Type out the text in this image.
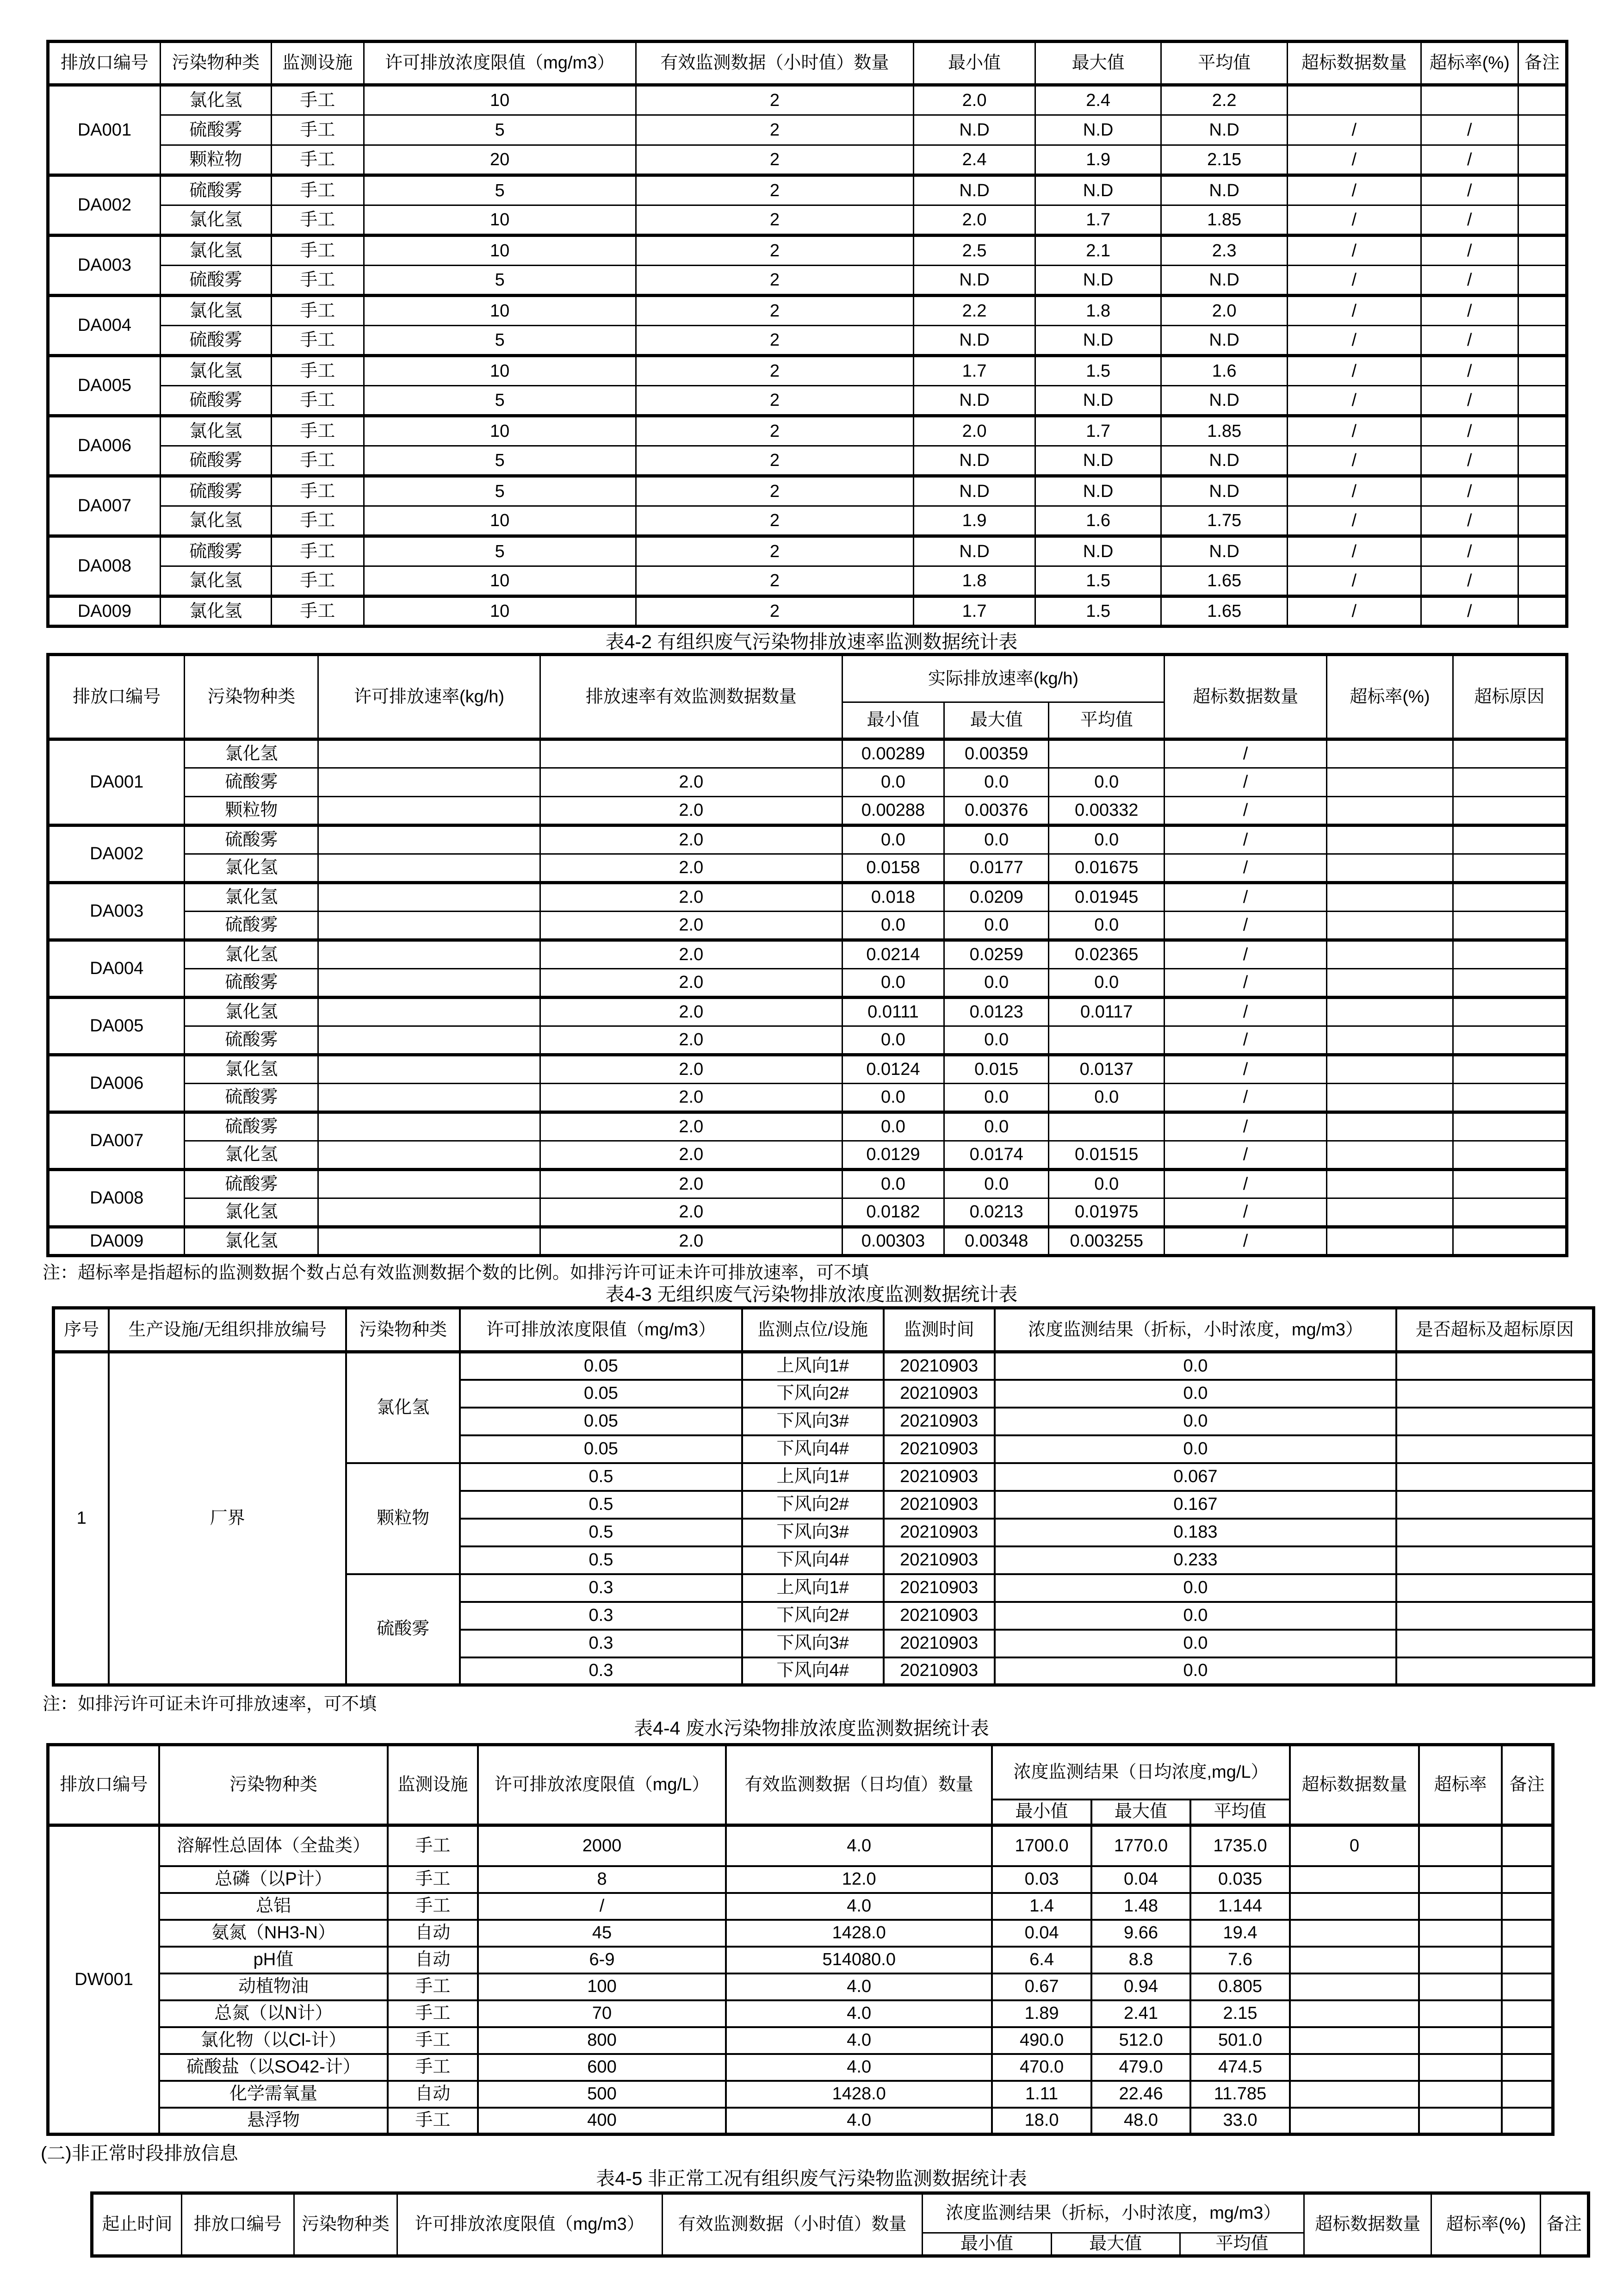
排放口编号	污染物种类	监测设施	许可排放浓度限值（mg/m3）	有效监测数据（小时值）数量	最小值	最大值	平均值	超标数据数量	超标率(%)	备注
DA001	氯化氢	手工	10	2	2.0	2.4	2.2			
	硫酸雾	手工	5	2	N.D	N.D	N.D	/	/	
	颗粒物	手工	20	2	2.4	1.9	2.15	/	/	
DA002	硫酸雾	手工	5	2	N.D	N.D	N.D	/	/	
	氯化氢	手工	10	2	2.0	1.7	1.85	/	/	
DA003	氯化氢	手工	10	2	2.5	2.1	2.3	/	/	
	硫酸雾	手工	5	2	N.D	N.D	N.D	/	/	
DA004	氯化氢	手工	10	2	2.2	1.8	2.0	/	/	
	硫酸雾	手工	5	2	N.D	N.D	N.D	/	/	
DA005	氯化氢	手工	10	2	1.7	1.5	1.6	/	/	
	硫酸雾	手工	5	2	N.D	N.D	N.D	/	/	
DA006	氯化氢	手工	10	2	2.0	1.7	1.85	/	/	
	硫酸雾	手工	5	2	N.D	N.D	N.D	/	/	
DA007	硫酸雾	手工	5	2	N.D	N.D	N.D	/	/	
	氯化氢	手工	10	2	1.9	1.6	1.75	/	/	
DA008	硫酸雾	手工	5	2	N.D	N.D	N.D	/	/	
	氯化氢	手工	10	2	1.8	1.5	1.65	/	/	
DA009	氯化氢	手工	10	2	1.7	1.5	1.65	/	/	
表4-2 有组织废气污染物排放速率监测数据统计表
排放口编号	污染物种类	许可排放速率(kg/h)	排放速率有效监测数据数量	实际排放速率(kg/h)			超标数据数量	超标率(%)	超标原因
				最小值	最大值	平均值			
DA001	氯化氢			0.00289	0.00359		/		
	硫酸雾		2.0	0.0	0.0	0.0	/		
	颗粒物		2.0	0.00288	0.00376	0.00332	/		
DA002	硫酸雾		2.0	0.0	0.0	0.0	/		
	氯化氢		2.0	0.0158	0.0177	0.01675	/		
DA003	氯化氢		2.0	0.018	0.0209	0.01945	/		
	硫酸雾		2.0	0.0	0.0	0.0	/		
DA004	氯化氢		2.0	0.0214	0.0259	0.02365	/		
	硫酸雾		2.0	0.0	0.0	0.0	/		
DA005	氯化氢		2.0	0.0111	0.0123	0.0117	/		
	硫酸雾		2.0	0.0	0.0		/		
DA006	氯化氢		2.0	0.0124	0.015	0.0137	/		
	硫酸雾		2.0	0.0	0.0	0.0	/		
DA007	硫酸雾		2.0	0.0	0.0		/		
	氯化氢		2.0	0.0129	0.0174	0.01515	/		
DA008	硫酸雾		2.0	0.0	0.0	0.0	/		
	氯化氢		2.0	0.0182	0.0213	0.01975	/		
DA009	氯化氢		2.0	0.00303	0.00348	0.003255	/		
注：超标率是指超标的监测数据个数占总有效监测数据个数的比例。如排污许可证未许可排放速率，可不填
表4-3 无组织废气污染物排放浓度监测数据统计表
序号	生产设施/无组织排放编号	污染物种类	许可排放浓度限值（mg/m3）	监测点位/设施	监测时间	浓度监测结果（折标，小时浓度，mg/m3）	是否超标及超标原因
1	厂界	氯化氢	0.05	上风向1#	20210903	0.0	
			0.05	下风向2#	20210903	0.0	
			0.05	下风向3#	20210903	0.0	
			0.05	下风向4#	20210903	0.0	
		颗粒物	0.5	上风向1#	20210903	0.067	
			0.5	下风向2#	20210903	0.167	
			0.5	下风向3#	20210903	0.183	
			0.5	下风向4#	20210903	0.233	
		硫酸雾	0.3	上风向1#	20210903	0.0	
			0.3	下风向2#	20210903	0.0	
			0.3	下风向3#	20210903	0.0	
			0.3	下风向4#	20210903	0.0	
注：如排污许可证未许可排放速率，可不填
表4-4 废水污染物排放浓度监测数据统计表
排放口编号	污染物种类	监测设施	许可排放浓度限值（mg/L）	有效监测数据（日均值）数量	浓度监测结果（日均浓度,mg/L）			超标数据数量	超标率	备注
					最小值	最大值	平均值			
DW001	溶解性总固体（全盐类）	手工	2000	4.0	1700.0	1770.0	1735.0	0		
	总磷（以P计）	手工	8	12.0	0.03	0.04	0.035			
	总铝	手工	/	4.0	1.4	1.48	1.144			
	氨氮（NH3-N）	自动	45	1428.0	0.04	9.66	19.4			
	pH值	自动	6-9	514080.0	6.4	8.8	7.6			
	动植物油	手工	100	4.0	0.67	0.94	0.805			
	总氮（以N计）	手工	70	4.0	1.89	2.41	2.15			
	氯化物（以Cl-计）	手工	800	4.0	490.0	512.0	501.0			
	硫酸盐（以SO42-计）	手工	600	4.0	470.0	479.0	474.5			
	化学需氧量	自动	500	1428.0	1.11	22.46	11.785			
	悬浮物	手工	400	4.0	18.0	48.0	33.0			
(二)非正常时段排放信息
表4-5 非正常工况有组织废气污染物监测数据统计表
起止时间	排放口编号	污染物种类	许可排放浓度限值（mg/m3）	有效监测数据（小时值）数量	浓度监测结果（折标，小时浓度，mg/m3）			超标数据数量	超标率(%)	备注
					最小值	最大值	平均值			
